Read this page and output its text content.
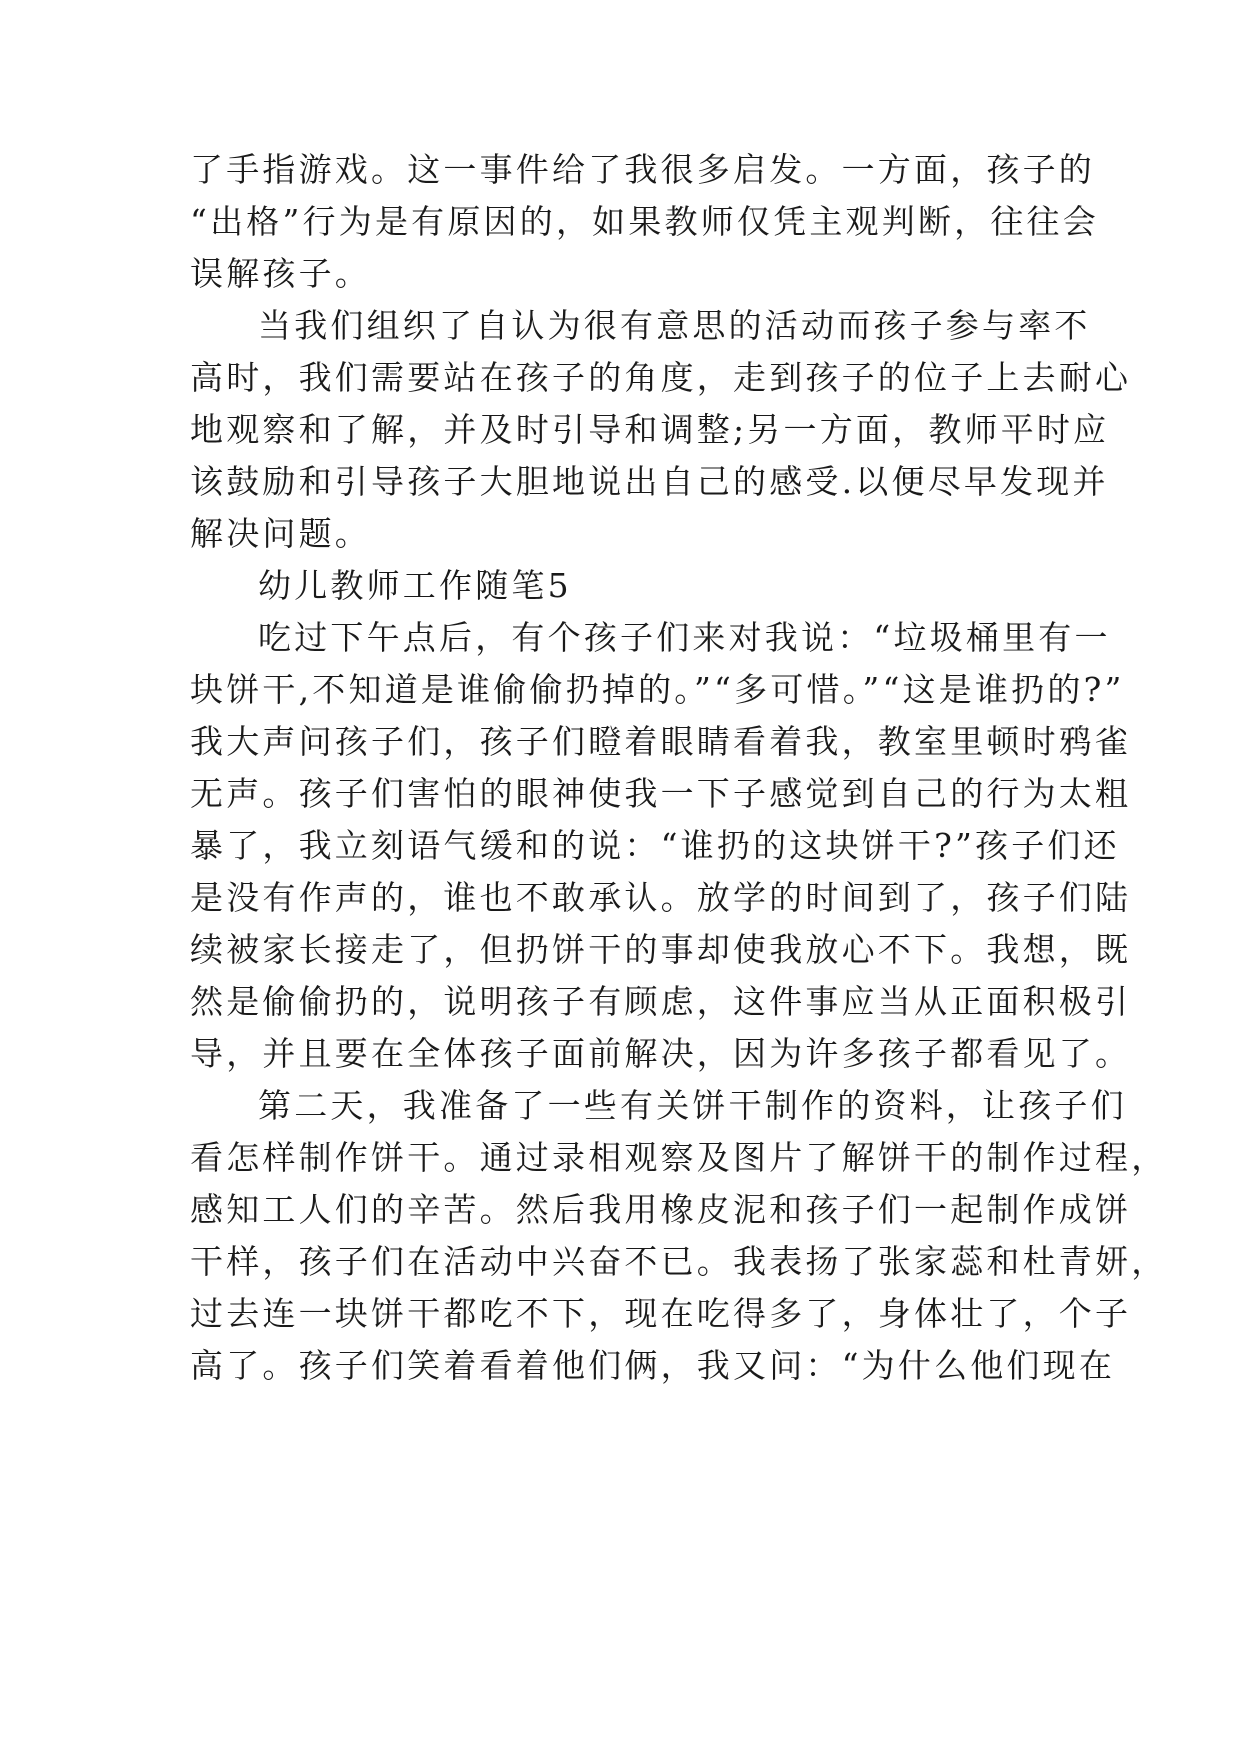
了手指游戏。这一事件给了我很多启发。一方面，孩子的
“出格”行为是有原因的，如果教师仅凭主观判断，往往会
误解孩子。
当我们组织了自认为很有意思的活动而孩子参与率不
高时，我们需要站在孩子的角度，走到孩子的位子上去耐心
地观察和了解，并及时引导和调整;另一方面，教师平时应
该鼓励和引导孩子大胆地说出自己的感受.以便尽早发现并
解决问题。
幼儿教师工作随笔5
吃过下午点后，有个孩子们来对我说：“垃圾桶里有一
块饼干,不知道是谁偷偷扔掉的。”“多可惜。”“这是谁扔的?”
我大声问孩子们，孩子们瞪着眼睛看着我，教室里顿时鸦雀
无声。孩子们害怕的眼神使我一下子感觉到自己的行为太粗
暴了，我立刻语气缓和的说：“谁扔的这块饼干?”孩子们还
是没有作声的，谁也不敢承认。放学的时间到了，孩子们陆
续被家长接走了，但扔饼干的事却使我放心不下。我想，既
然是偷偷扔的，说明孩子有顾虑，这件事应当从正面积极引
导，并且要在全体孩子面前解决，因为许多孩子都看见了。
第二天，我准备了一些有关饼干制作的资料，让孩子们
看怎样制作饼干。通过录相观察及图片了解饼干的制作过程，
感知工人们的辛苦。然后我用橡皮泥和孩子们一起制作成饼
干样，孩子们在活动中兴奋不已。我表扬了张家蕊和杜青妍，
过去连一块饼干都吃不下，现在吃得多了，身体壮了，个子
高了。孩子们笑着看着他们俩，我又问：“为什么他们现在
